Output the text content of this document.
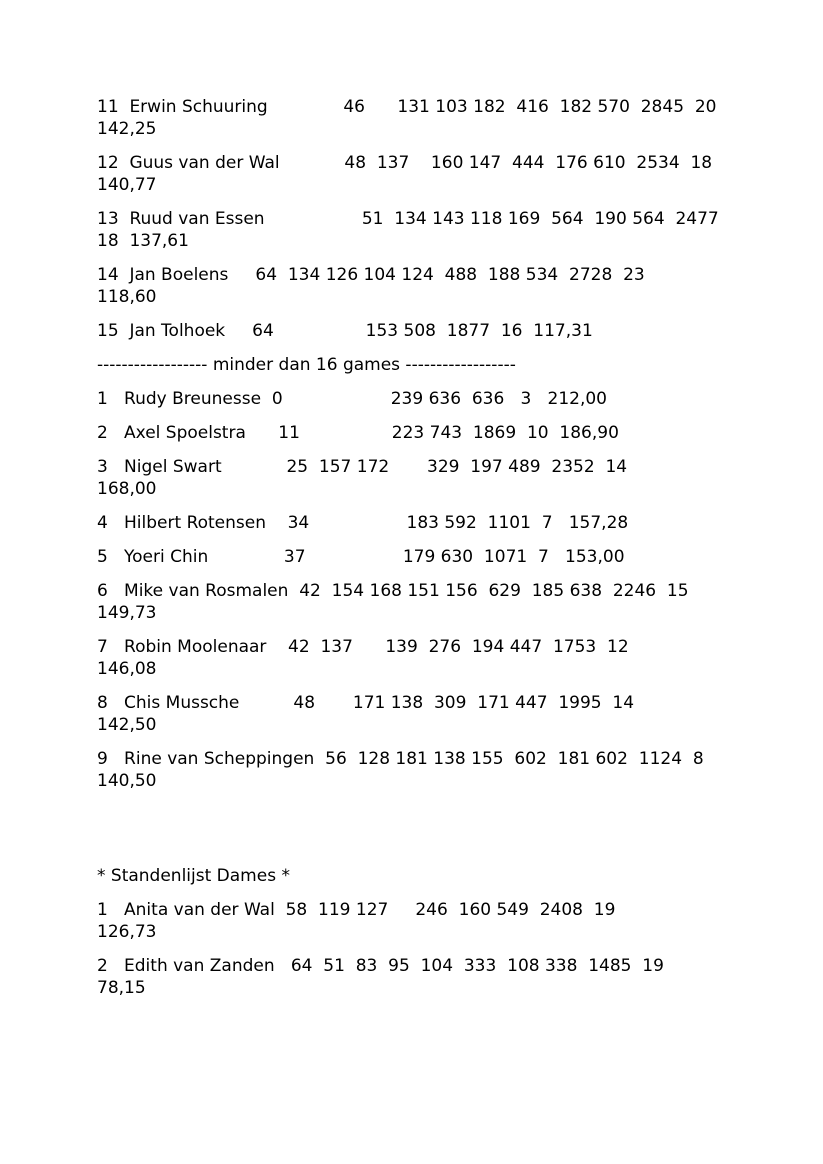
11  Erwin Schuuring              46      131 103 182  416  182 570  2845  20
142,25

12  Guus van der Wal            48  137    160 147  444  176 610  2534  18
140,77

13  Ruud van Essen                  51  134 143 118 169  564  190 564  2477
18  137,61

14  Jan Boelens     64  134 126 104 124  488  188 534  2728  23
118,60

15  Jan Tolhoek     64                 153 508  1877  16  117,31

------------------ minder dan 16 games ------------------

1   Rudy Breunesse  0                    239 636  636   3   212,00

2   Axel Spoelstra      11                 223 743  1869  10  186,90

3   Nigel Swart            25  157 172       329  197 489  2352  14
168,00

4   Hilbert Rotensen    34                  183 592  1101  7   157,28

5   Yoeri Chin              37                  179 630  1071  7   153,00

6   Mike van Rosmalen  42  154 168 151 156  629  185 638  2246  15
149,73

7   Robin Moolenaar    42  137      139  276  194 447  1753  12
146,08

8   Chis Mussche          48       171 138  309  171 447  1995  14
142,50

9   Rine van Scheppingen  56  128 181 138 155  602  181 602  1124  8
140,50

* Standenlijst Dames *

1   Anita van der Wal  58  119 127     246  160 549  2408  19
126,73

2   Edith van Zanden   64  51  83  95  104  333  108 338  1485  19
78,15
